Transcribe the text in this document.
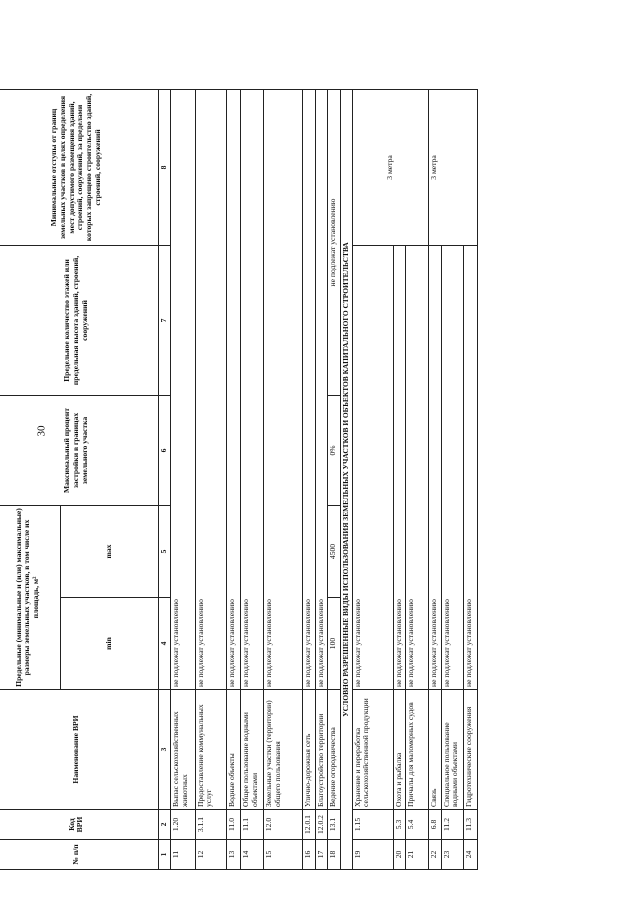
30
№ п/п	Код ВРИ	Наименование ВРИ	Предельные (минимальные и (или) максимальные) размеры земельных участков, в том числе их площадь, м²		Максимальный процент застройки в границах земельного участка	Предельное количество этажей или предельная высота зданий, строений, сооружений	Минимальные отступы от границ земельных участков в целях определения мест допустимого размещения зданий, строений, сооружений, за пределами которых запрещено строительство зданий, строений, сооружений
			min	max			
1	2	3	4	5	6	7	8
11	1.20	Выпас сельскохозяйственных животных	не подлежат установлению				
12	3.1.1	Предоставление коммунальных услуг	не подлежат установлению				
13	11.0	Водные объекты	не подлежат установлению				
14	11.1	Общее пользование водными объектами	не подлежат установлению				
15	12.0	Земельные участки (территории) общего пользования	не подлежат установлению				
16	12.0.1	Улично-дорожная сеть	не подлежат установлению				
17	12.0.2	Благоустройство территории	не подлежат установлению				
18	13.1	Ведение огородничества	100	4500	0%	не подлежат установлению	
УСЛОВНО РАЗРЕШЕННЫЕ ВИДЫ ИСПОЛЬЗОВАНИЯ ЗЕМЕЛЬНЫХ УЧАСТКОВ И ОБЪЕКТОВ КАПИТАЛЬНОГО СТРОИТЕЛЬСТВА							
19	1.15	Хранение и переработка сельскохозяйственной продукции	не подлежат установлению				3 метра
20	5.3	Охота и рыбалка	не подлежат установлению				
21	5.4	Причалы для маломерных судов	не подлежат установлению				
22	6.8	Связь	не подлежат установлению				3 метра
23	11.2	Специальное пользование водными объектами	не подлежат установлению				
24	11.3	Гидротехнические сооружения	не подлежат установлению				
